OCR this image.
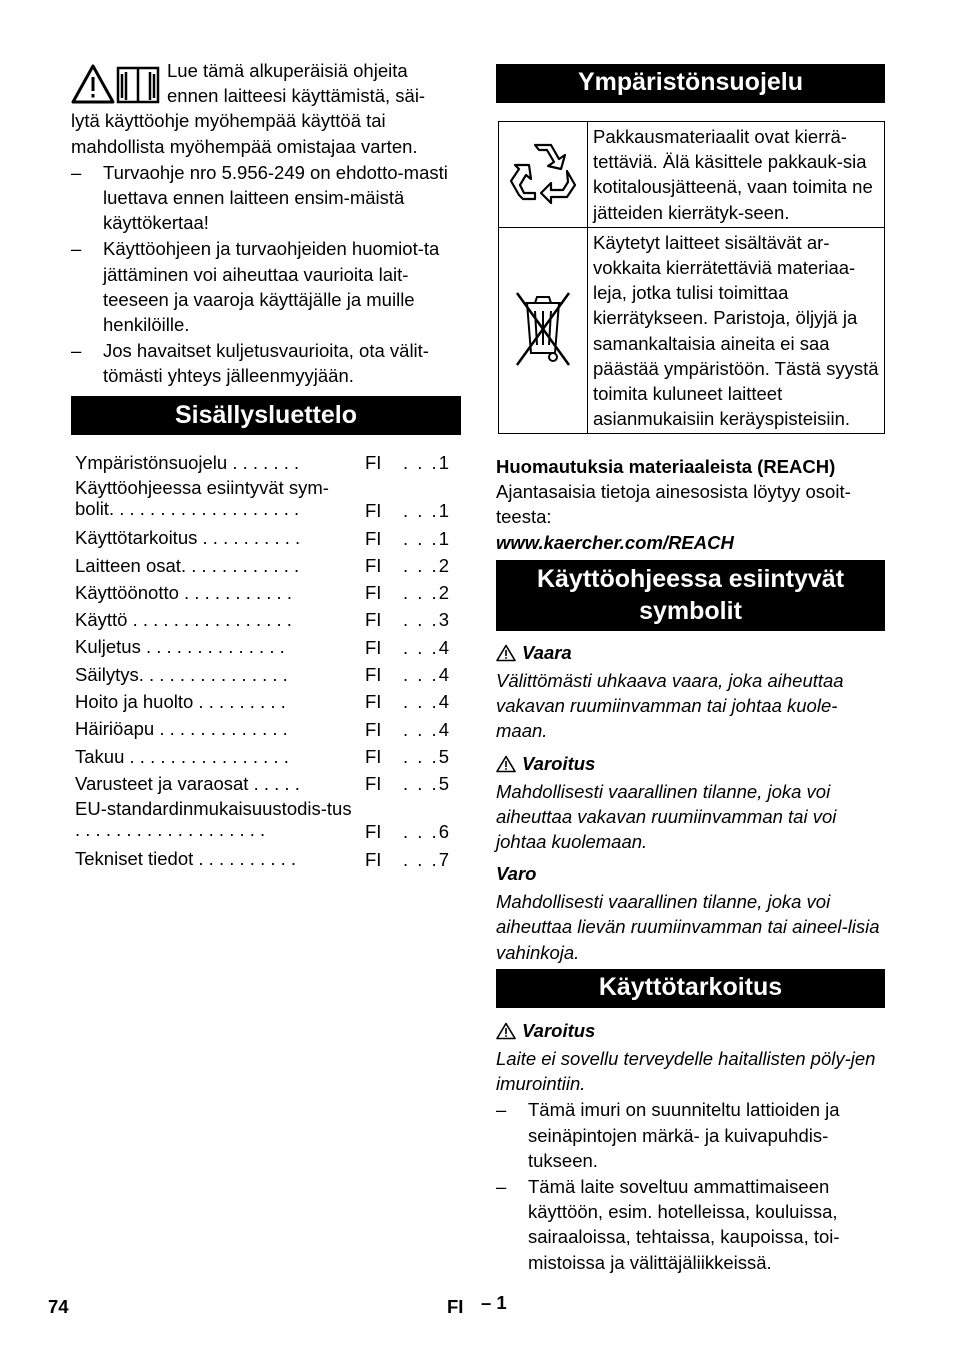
Lue tämä alkuperäisiä ohjeita

ennen laitteesi käyttämistä, säi-

lytä käyttöohje myöhempää käyttöä tai

mahdollista myöhempää omistajaa varten.

– Turvaohje nro 5.956-249 on ehdotto-masti luettava ennen laitteen ensim-mäistä käyttökertaa!
– Käyttöohjeen ja turvaohjeiden huomiot-ta jättäminen voi aiheuttaa vaurioita lait-teeseen ja vaaroja käyttäjälle ja muille henkilöille.
– Jos havaitset kuljetusvaurioita, ota välit-tömästi yhteys jälleenmyyjään.
Sisällysluettelo
Ympäristönsuojelu . . . . . . .	FI . . .1
Käyttöohjeessa esiintyvät sym-bolit. . . . . . . . . . . . . . . . . . .	FI . . .1
Käyttötarkoitus . . . . . . . . . .	FI . . .1
Laitteen osat. . . . . . . . . . . .	FI . . .2
Käyttöönotto . . . . . . . . . . .	FI . . .2
Käyttö . . . . . . . . . . . . . . . .	FI . . .3
Kuljetus . . . . . . . . . . . . . .	FI . . .4
Säilytys. . . . . . . . . . . . . . .	FI . . .4
Hoito ja huolto . . . . . . . . .	FI . . .4
Häiriöapu . . . . . . . . . . . . .	FI . . .4
Takuu . . . . . . . . . . . . . . . .	FI . . .5
Varusteet ja varaosat . . . . .	FI . . .5
EU-standardinmukaisuustodis-tus . . . . . . . . . . . . . . . . . . .	FI . . .6
Tekniset tiedot . . . . . . . . . .	FI . . .7
Ympäristönsuojelu
	Pakkausmateriaalit ovat kierrä-tettäviä. Älä käsittele pakkauk-sia kotitalousjätteenä, vaan toimita ne jätteiden kierrätyk-seen.
	Käytetyt laitteet sisältävät ar-vokkaita kierrätettäviä materiaa-leja, jotka tulisi toimittaa kierrätykseen. Paristoja, öljyjä ja samankaltaisia aineita ei saa päästää ympäristöön. Tästä syystä toimita kuluneet laitteet asianmukaisiin keräyspisteisiin.

Huomautuksia materiaaleista (REACH)

Ajantasaisia tietoja ainesosista löytyy osoit-teesta:

www.kaercher.com/REACH

Käyttöohjeessa esiintyvät
symbolit

Vaara

Välittömästi uhkaava vaara, joka aiheuttaa vakavan ruumiinvamman tai johtaa kuole-maan.

Varoitus

Mahdollisesti vaarallinen tilanne, joka voi aiheuttaa vakavan ruumiinvamman tai voi johtaa kuolemaan.

Varo

Mahdollisesti vaarallinen tilanne, joka voi aiheuttaa lievän ruumiinvamman tai aineel-lisia vahinkoja.

Käyttötarkoitus

Varoitus

Laite ei sovellu terveydelle haitallisten pöly-jen imurointiin.

– Tämä imuri on suunniteltu lattioiden ja seinäpintojen märkä- ja kuivapuhdis-tukseen.
– Tämä laite soveltuu ammattimaiseen käyttöön, esim. hotelleissa, kouluissa, sairaaloissa, tehtaissa, kaupoissa, toi-mistoissa ja välittäjäliikkeissä.
74	FI – 1
